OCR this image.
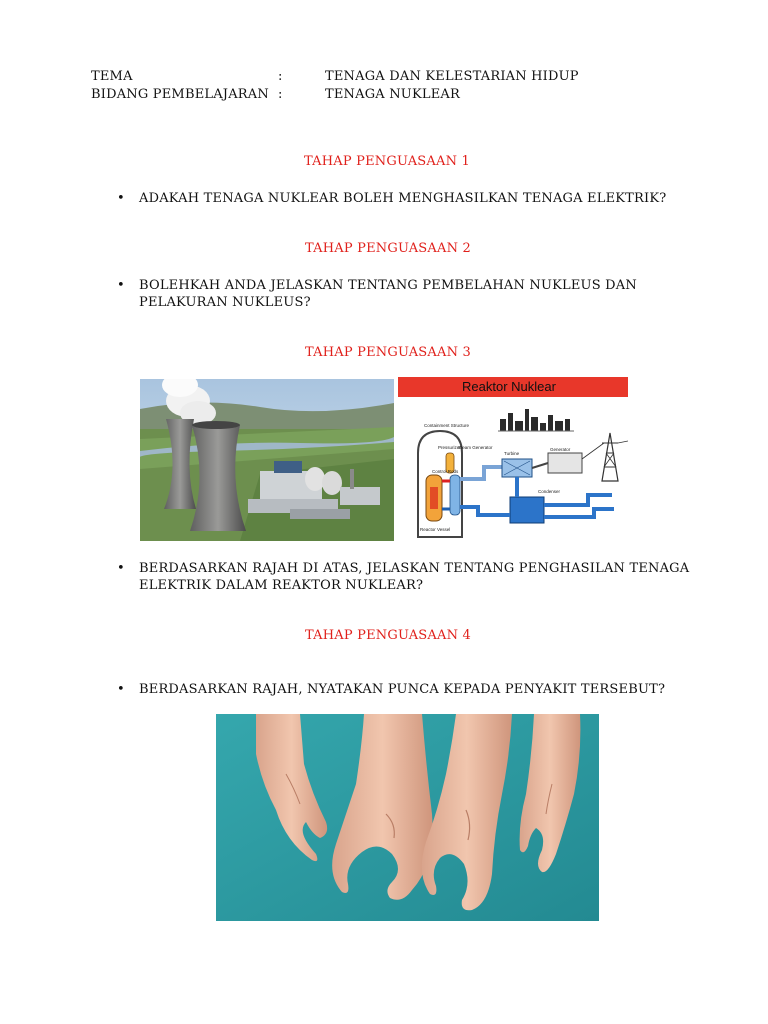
TEMA	:	TENAGA DAN KELESTARIAN HIDUP
BIDANG PEMBELAJARAN :	TENAGA NUKLEAR
TAHAP PENGUASAAN 1
• ADAKAH TENAGA NUKLEAR BOLEH MENGHASILKAN TENAGA ELEKTRIK?
TAHAP PENGUASAAN 2
• BOLEHKAH ANDA JELASKAN TENTANG PEMBELAHAN NUKLEUS DAN
PELAKURAN NUKLEUS?
TAHAP PENGUASAAN 3
Reaktor Nuklear
Containment Structure
Pressurizer
Steam Generator
Control Rods
Reactor Vessel
Turbine
Generator
Condenser
• BERDASARKAN RAJAH DI ATAS, JELASKAN TENTANG PENGHASILAN TENAGA
ELEKTRIK DALAM REAKTOR NUKLEAR?
TAHAP PENGUASAAN 4
• BERDASARKAN RAJAH, NYATAKAN PUNCA KEPADA PENYAKIT TERSEBUT?
